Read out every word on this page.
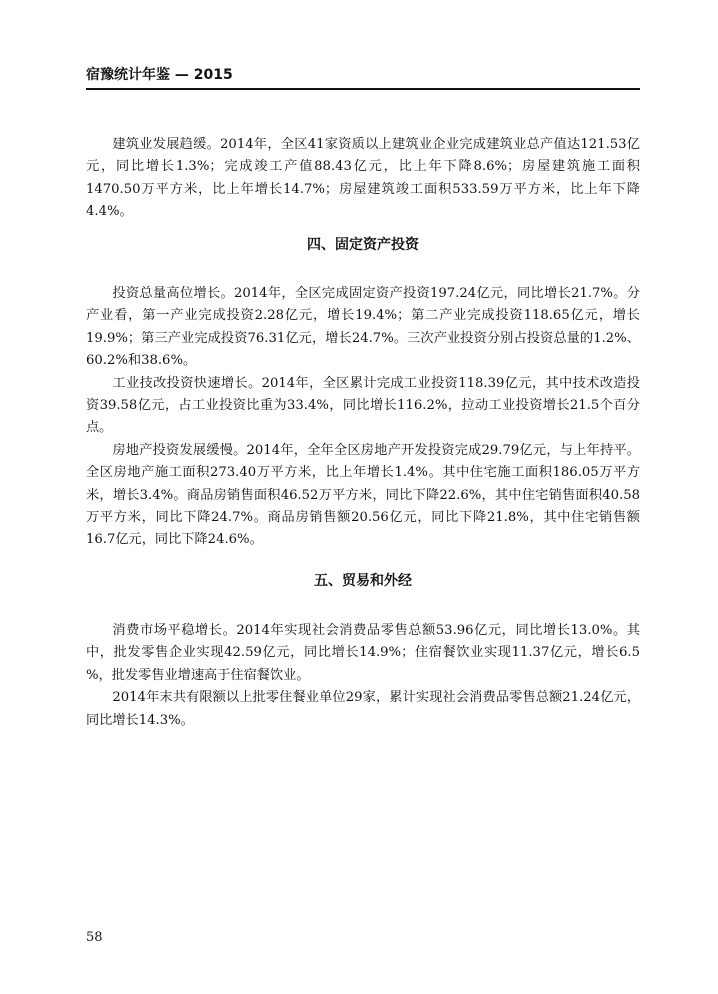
宿豫统计年鉴 — 2015

建筑业发展趋缓。2014年，全区41家资质以上建筑业企业完成建筑业总产值达121.53亿元，同比增长1.3%；完成竣工产值88.43亿元，比上年下降8.6%；房屋建筑施工面积1470.50万平方米，比上年增长14.7%；房屋建筑竣工面积533.59万平方米，比上年下降4.4%。

四、固定资产投资

投资总量高位增长。2014年，全区完成固定资产投资197.24亿元，同比增长21.7%。分产业看，第一产业完成投资2.28亿元，增长19.4%；第二产业完成投资118.65亿元，增长19.9%；第三产业完成投资76.31亿元，增长24.7%。三次产业投资分别占投资总量的1.2%、60.2%和38.6%。

工业技改投资快速增长。2014年，全区累计完成工业投资118.39亿元，其中技术改造投资39.58亿元，占工业投资比重为33.4%，同比增长116.2%，拉动工业投资增长21.5个百分点。

房地产投资发展缓慢。2014年，全年全区房地产开发投资完成29.79亿元，与上年持平。全区房地产施工面积273.40万平方米，比上年增长1.4%。其中住宅施工面积186.05万平方米，增长3.4%。商品房销售面积46.52万平方米，同比下降22.6%，其中住宅销售面积40.58万平方米，同比下降24.7%。商品房销售额20.56亿元，同比下降21.8%，其中住宅销售额16.7亿元，同比下降24.6%。

五、贸易和外经

消费市场平稳增长。2014年实现社会消费品零售总额53.96亿元，同比增长13.0%。其中，批发零售企业实现42.59亿元，同比增长14.9%；住宿餐饮业实现11.37亿元，增长6.5 %，批发零售业增速高于住宿餐饮业。

2014年末共有限额以上批零住餐业单位29家，累计实现社会消费品零售总额21.24亿元，同比增长14.3%。

58
